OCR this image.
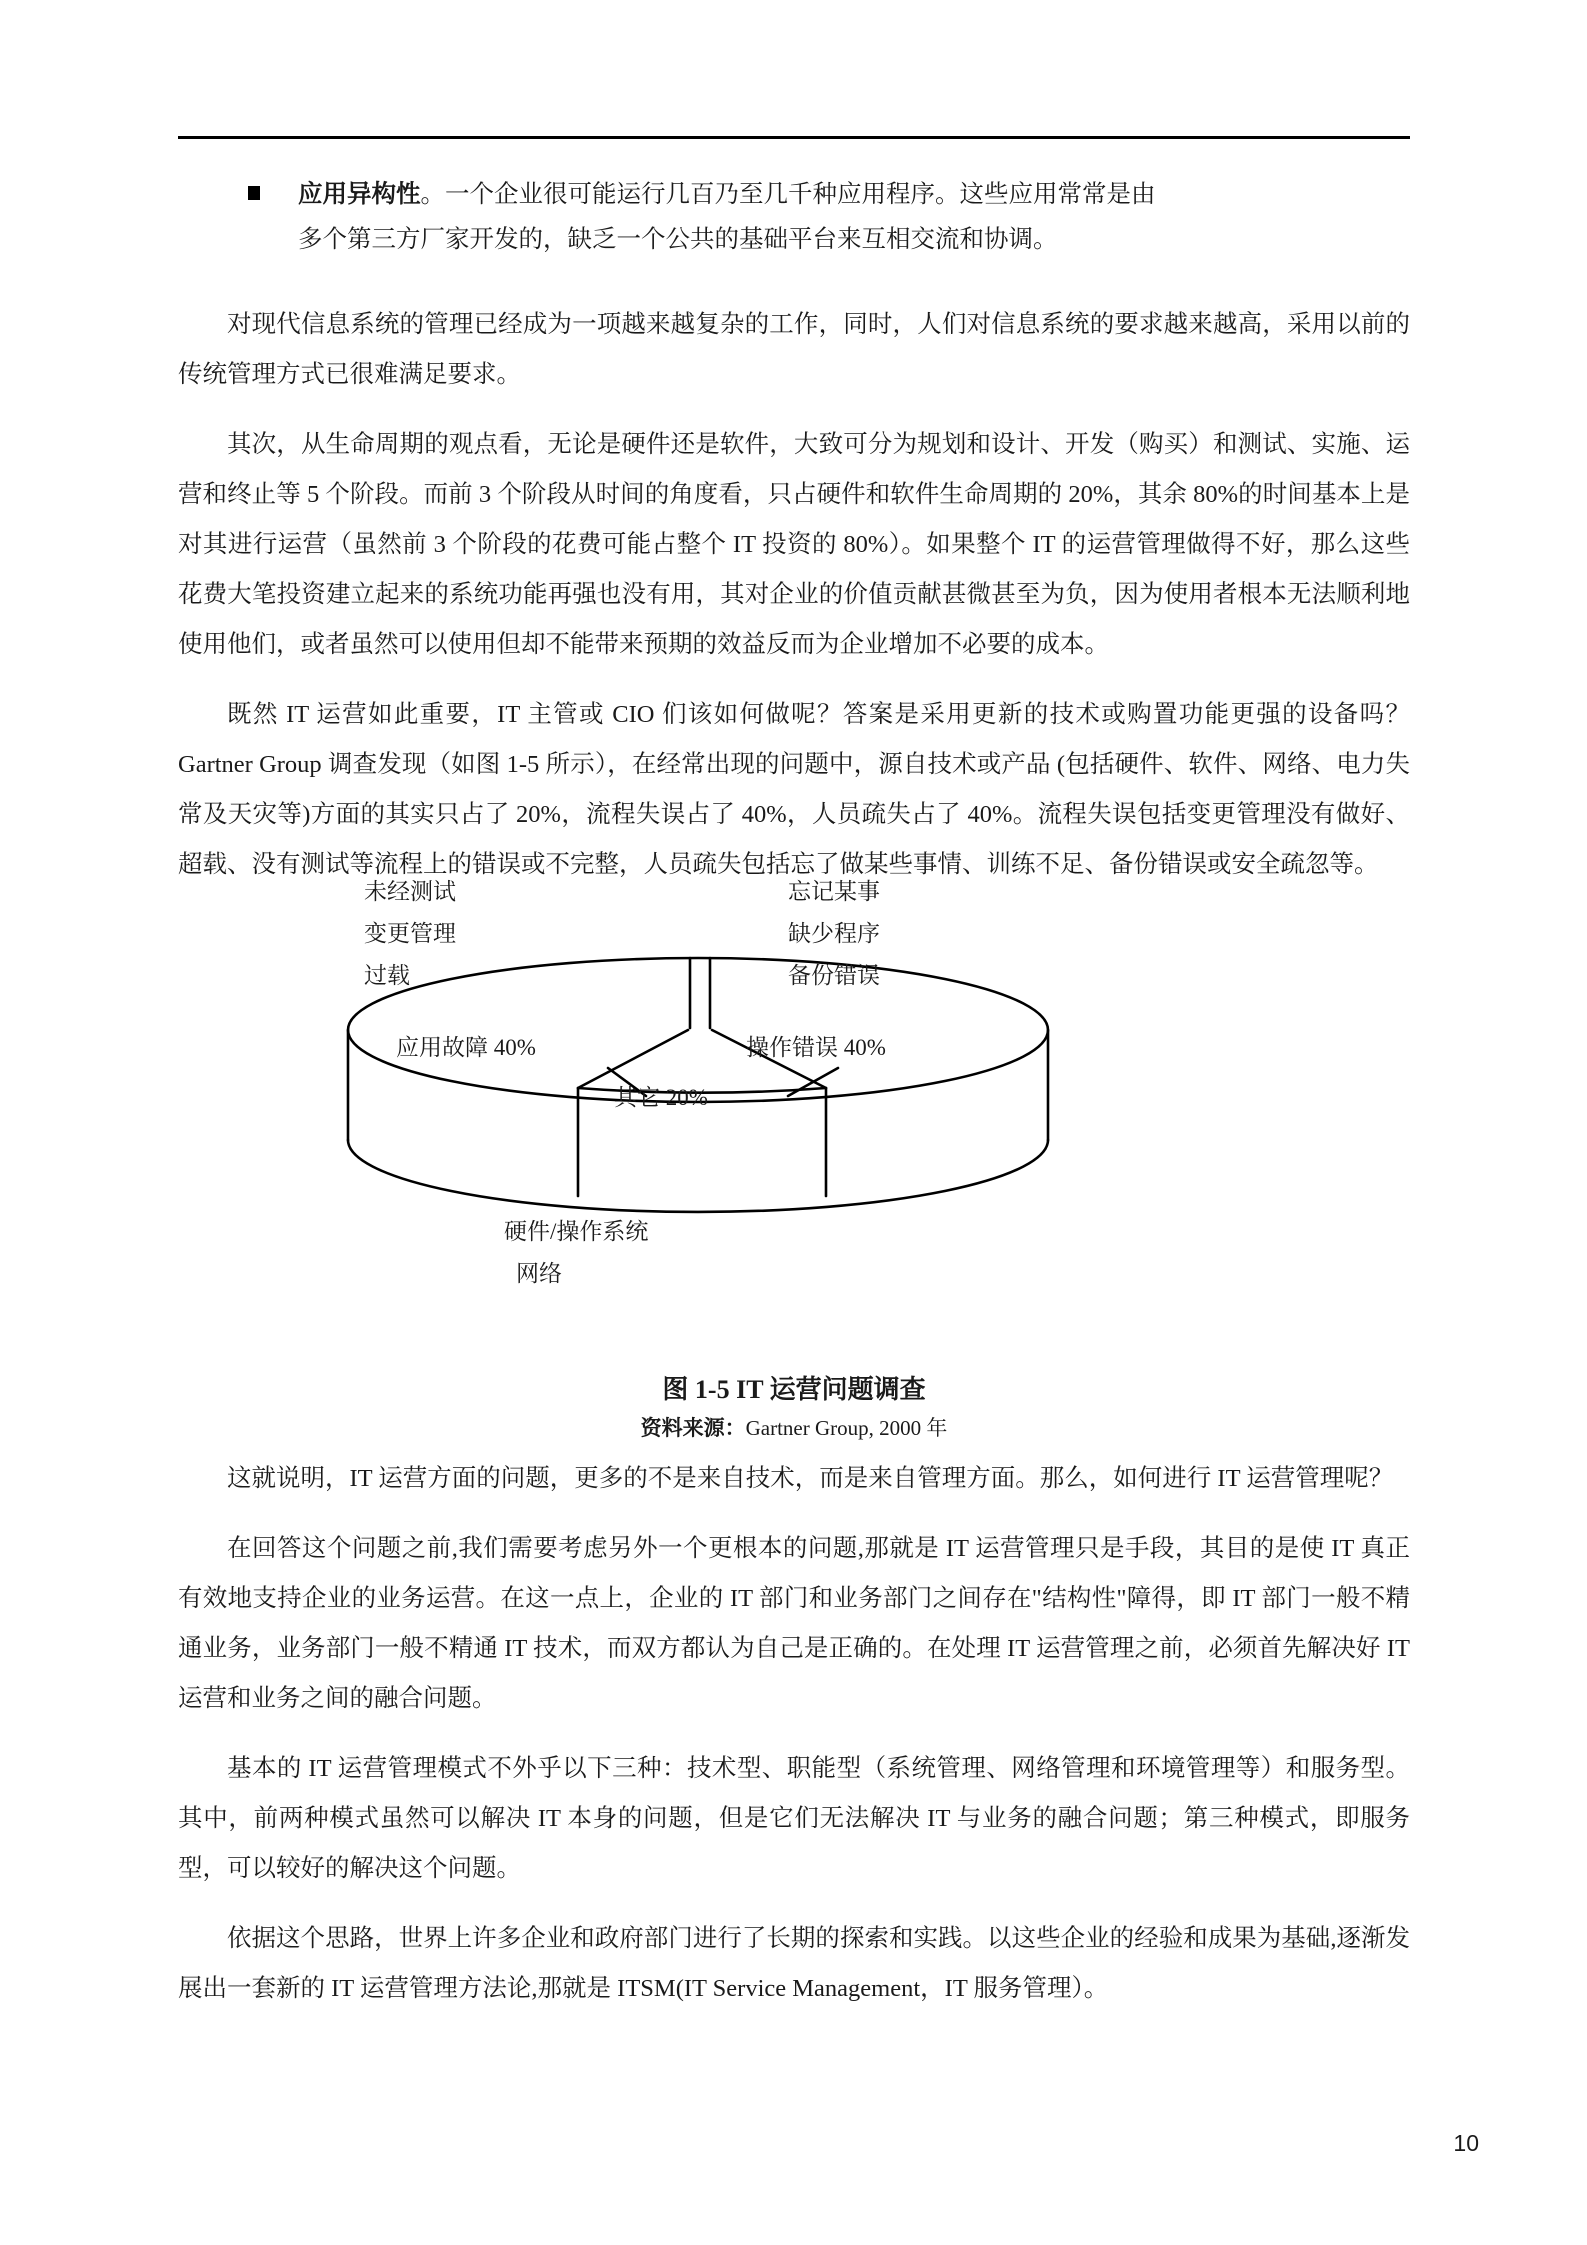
应用异构性。一个企业很可能运行几百乃至几千种应用程序。这些应用常常是由
多个第三方厂家开发的，缺乏一个公共的基础平台来互相交流和协调。

对现代信息系统的管理已经成为一项越来越复杂的工作，同时，人们对信息系统的要求越来越高，采用以前的传统管理方式已很难满足要求。

其次，从生命周期的观点看，无论是硬件还是软件，大致可分为规划和设计、开发（购买）和测试、实施、运营和终止等 5 个阶段。而前 3 个阶段从时间的角度看，只占硬件和软件生命周期的 20%，其余 80%的时间基本上是对其进行运营（虽然前 3 个阶段的花费可能占整个 IT 投资的 80%）。如果整个 IT 的运营管理做得不好，那么这些花费大笔投资建立起来的系统功能再强也没有用，其对企业的价值贡献甚微甚至为负，因为使用者根本无法顺利地使用他们，或者虽然可以使用但却不能带来预期的效益反而为企业增加不必要的成本。

既然 IT 运营如此重要，IT 主管或 CIO 们该如何做呢？答案是采用更新的技术或购置功能更强的设备吗？Gartner Group 调查发现（如图 1-5 所示），在经常出现的问题中，源自技术或产品 (包括硬件、软件、网络、电力失常及天灾等)方面的其实只占了 20%，流程失误占了 40%，人员疏失占了 40%。流程失误包括变更管理没有做好、超载、没有测试等流程上的错误或不完整，人员疏失包括忘了做某些事情、训练不足、备份错误或安全疏忽等。

未经测试
变更管理
过载
忘记某事
缺少程序
备份错误
应用故障 40%	操作错误 40%
其它 20%
硬件/操作系统
网络
图 1-5 IT 运营问题调查
资料来源：Gartner Group, 2000 年

这就说明，IT 运营方面的问题，更多的不是来自技术，而是来自管理方面。那么，如何进行 IT 运营管理呢？

在回答这个问题之前,我们需要考虑另外一个更根本的问题,那就是 IT 运营管理只是手段，其目的是使 IT 真正有效地支持企业的业务运营。在这一点上，企业的 IT 部门和业务部门之间存在"结构性"障得，即 IT 部门一般不精通业务，业务部门一般不精通 IT 技术，而双方都认为自己是正确的。在处理 IT 运营管理之前，必须首先解决好 IT 运营和业务之间的融合问题。

基本的 IT 运营管理模式不外乎以下三种：技术型、职能型（系统管理、网络管理和环境管理等）和服务型。其中，前两种模式虽然可以解决 IT 本身的问题，但是它们无法解决 IT 与业务的融合问题；第三种模式，即服务型，可以较好的解决这个问题。

依据这个思路，世界上许多企业和政府部门进行了长期的探索和实践。以这些企业的经验和成果为基础,逐渐发展出一套新的 IT 运营管理方法论,那就是 ITSM(IT Service Management，IT 服务管理）。

10
